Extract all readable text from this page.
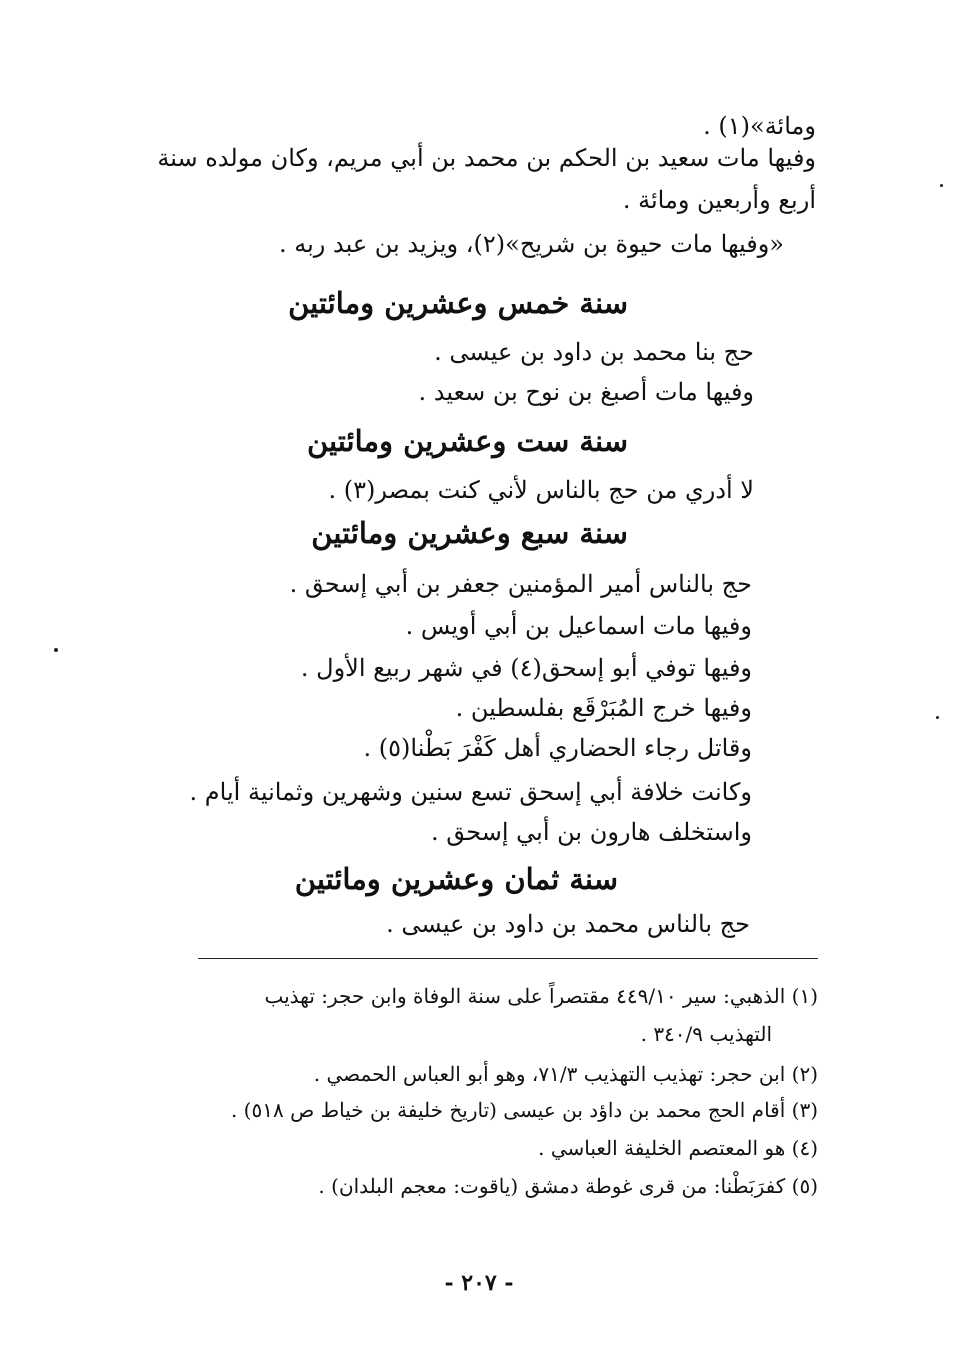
ومائة»(١) .
وفيها مات سعيد بن الحكم بن محمد بن أبي مريم، وكان مولده سنة
أربع وأربعين ومائة .
«وفيها مات حيوة بن شريح»(٢)، ويزيد بن عبد ربه .
سنة خمس وعشرين ومائتين
حج بنا محمد بن داود بن عيسى .
وفيها مات أصبغ بن نوح بن سعيد .
سنة ست وعشرين ومائتين
لا أدري من حج بالناس لأني كنت بمصر(٣) .
سنة سبع وعشرين ومائتين
حج بالناس أمير المؤمنين جعفر بن أبي إسحق .
وفيها مات اسماعيل بن أبي أويس .
وفيها توفي أبو إسحق(٤) في شهر ربيع الأول .
وفيها خرج المُبَرْقَع بفلسطين .
وقاتل رجاء الحضاري أهل كَفْرَ بَطْنا(٥) .
وكانت خلافة أبي إسحق تسع سنين وشهرين وثمانية أيام .
واستخلف هارون بن أبي إسحق .
سنة ثمان وعشرين ومائتين
حج بالناس محمد بن داود بن عيسى .
(١) الذهبي: سير ٤٤٩/١٠ مقتصراً على سنة الوفاة وابن حجر: تهذيب
التهذيب ٣٤٠/٩ .
(٢) ابن حجر: تهذيب التهذيب ٧١/٣، وهو أبو العباس الحمصي .
(٣) أقام الحج محمد بن داؤد بن عيسى (تاريخ خليفة بن خياط ص ٥١٨) .
(٤) هو المعتصم الخليفة العباسي .
(٥) كفرَبَطْنا: من قرى غوطة دمشق (ياقوت: معجم البلدان) .
- ٢٠٧ -
